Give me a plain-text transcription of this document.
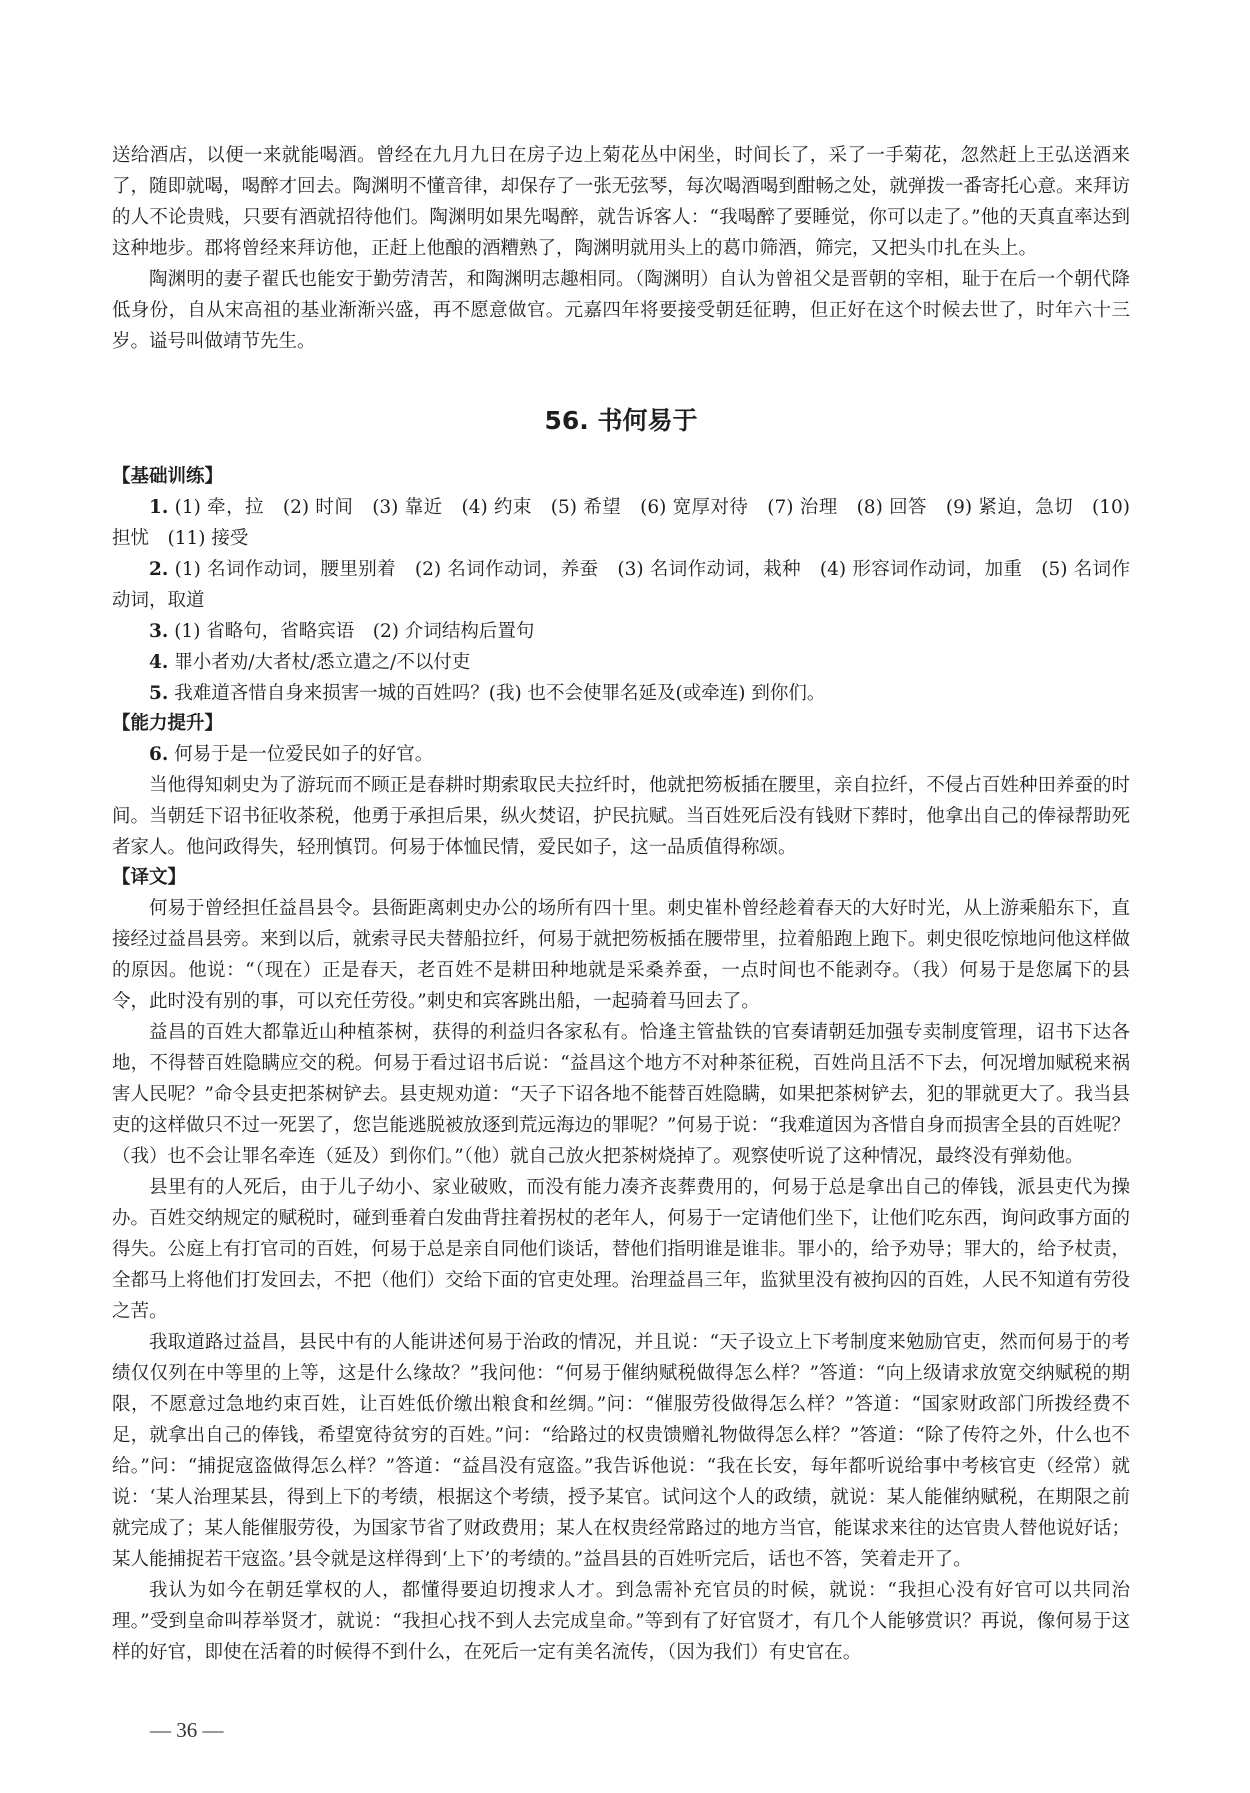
送给酒店，以便一来就能喝酒。曾经在九月九日在房子边上菊花丛中闲坐，时间长了，采了一手菊花，忽然赶上王弘送酒来了，随即就喝，喝醉才回去。陶渊明不懂音律，却保存了一张无弦琴，每次喝酒喝到酣畅之处，就弹拨一番寄托心意。来拜访的人不论贵贱，只要有酒就招待他们。陶渊明如果先喝醉，就告诉客人：“我喝醉了要睡觉，你可以走了。”他的天真直率达到这种地步。郡将曾经来拜访他，正赶上他酿的酒糟熟了，陶渊明就用头上的葛巾筛酒，筛完，又把头巾扎在头上。

陶渊明的妻子翟氏也能安于勤劳清苦，和陶渊明志趣相同。（陶渊明）自认为曾祖父是晋朝的宰相，耻于在后一个朝代降低身份，自从宋高祖的基业渐渐兴盛，再不愿意做官。元嘉四年将要接受朝廷征聘，但正好在这个时候去世了，时年六十三岁。谥号叫做靖节先生。

56. 书何易于

【基础训练】

1. (1) 牵，拉　(2) 时间　(3) 靠近　(4) 约束　(5) 希望　(6) 宽厚对待　(7) 治理　(8) 回答　(9) 紧迫，急切　(10) 担忧　(11) 接受

2. (1) 名词作动词，腰里别着　(2) 名词作动词，养蚕　(3) 名词作动词，栽种　(4) 形容词作动词，加重　(5) 名词作动词，取道

3. (1) 省略句，省略宾语　(2) 介词结构后置句

4. 罪小者劝/大者杖/悉立遣之/不以付吏

5. 我难道吝惜自身来损害一城的百姓吗？(我) 也不会使罪名延及(或牵连) 到你们。

【能力提升】

6. 何易于是一位爱民如子的好官。

当他得知刺史为了游玩而不顾正是春耕时期索取民夫拉纤时，他就把笏板插在腰里，亲自拉纤，不侵占百姓种田养蚕的时间。当朝廷下诏书征收茶税，他勇于承担后果，纵火焚诏，护民抗赋。当百姓死后没有钱财下葬时，他拿出自己的俸禄帮助死者家人。他问政得失，轻刑慎罚。何易于体恤民情，爱民如子，这一品质值得称颂。

【译文】

何易于曾经担任益昌县令。县衙距离刺史办公的场所有四十里。刺史崔朴曾经趁着春天的大好时光，从上游乘船东下，直接经过益昌县旁。来到以后，就索寻民夫替船拉纤，何易于就把笏板插在腰带里，拉着船跑上跑下。刺史很吃惊地问他这样做的原因。他说：“（现在）正是春天，老百姓不是耕田种地就是采桑养蚕，一点时间也不能剥夺。（我）何易于是您属下的县令，此时没有别的事，可以充任劳役。”刺史和宾客跳出船，一起骑着马回去了。

益昌的百姓大都靠近山种植茶树，获得的利益归各家私有。恰逢主管盐铁的官奏请朝廷加强专卖制度管理，诏书下达各地，不得替百姓隐瞒应交的税。何易于看过诏书后说：“益昌这个地方不对种茶征税，百姓尚且活不下去，何况增加赋税来祸害人民呢？”命令县吏把茶树铲去。县吏规劝道：“天子下诏各地不能替百姓隐瞒，如果把茶树铲去，犯的罪就更大了。我当县吏的这样做只不过一死罢了，您岂能逃脱被放逐到荒远海边的罪呢？”何易于说：“我难道因为吝惜自身而损害全县的百姓呢？（我）也不会让罪名牵连（延及）到你们。”（他）就自己放火把茶树烧掉了。观察使听说了这种情况，最终没有弹劾他。

县里有的人死后，由于儿子幼小、家业破败，而没有能力凑齐丧葬费用的，何易于总是拿出自己的俸钱，派县吏代为操办。百姓交纳规定的赋税时，碰到垂着白发曲背拄着拐杖的老年人，何易于一定请他们坐下，让他们吃东西，询问政事方面的得失。公庭上有打官司的百姓，何易于总是亲自同他们谈话，替他们指明谁是谁非。罪小的，给予劝导；罪大的，给予杖责，全都马上将他们打发回去，不把（他们）交给下面的官吏处理。治理益昌三年，监狱里没有被拘囚的百姓，人民不知道有劳役之苦。

我取道路过益昌，县民中有的人能讲述何易于治政的情况，并且说：“天子设立上下考制度来勉励官吏，然而何易于的考绩仅仅列在中等里的上等，这是什么缘故？”我问他：“何易于催纳赋税做得怎么样？”答道：“向上级请求放宽交纳赋税的期限，不愿意过急地约束百姓，让百姓低价缴出粮食和丝绸。”问：“催服劳役做得怎么样？”答道：“国家财政部门所拨经费不足，就拿出自己的俸钱，希望宽待贫穷的百姓。”问：“给路过的权贵馈赠礼物做得怎么样？”答道：“除了传符之外，什么也不给。”问：“捕捉寇盗做得怎么样？”答道：“益昌没有寇盗。”我告诉他说：“我在长安，每年都听说给事中考核官吏（经常）就说：‘某人治理某县，得到上下的考绩，根据这个考绩，授予某官。试问这个人的政绩，就说：某人能催纳赋税，在期限之前就完成了；某人能催服劳役，为国家节省了财政费用；某人在权贵经常路过的地方当官，能谋求来往的达官贵人替他说好话；某人能捕捉若干寇盗。’县令就是这样得到‘上下’的考绩的。”益昌县的百姓听完后，话也不答，笑着走开了。

我认为如今在朝廷掌权的人，都懂得要迫切搜求人才。到急需补充官员的时候，就说：“我担心没有好官可以共同治理。”受到皇命叫荐举贤才，就说：“我担心找不到人去完成皇命。”等到有了好官贤才，有几个人能够赏识？再说，像何易于这样的好官，即使在活着的时候得不到什么，在死后一定有美名流传，（因为我们）有史官在。

— 36 —
